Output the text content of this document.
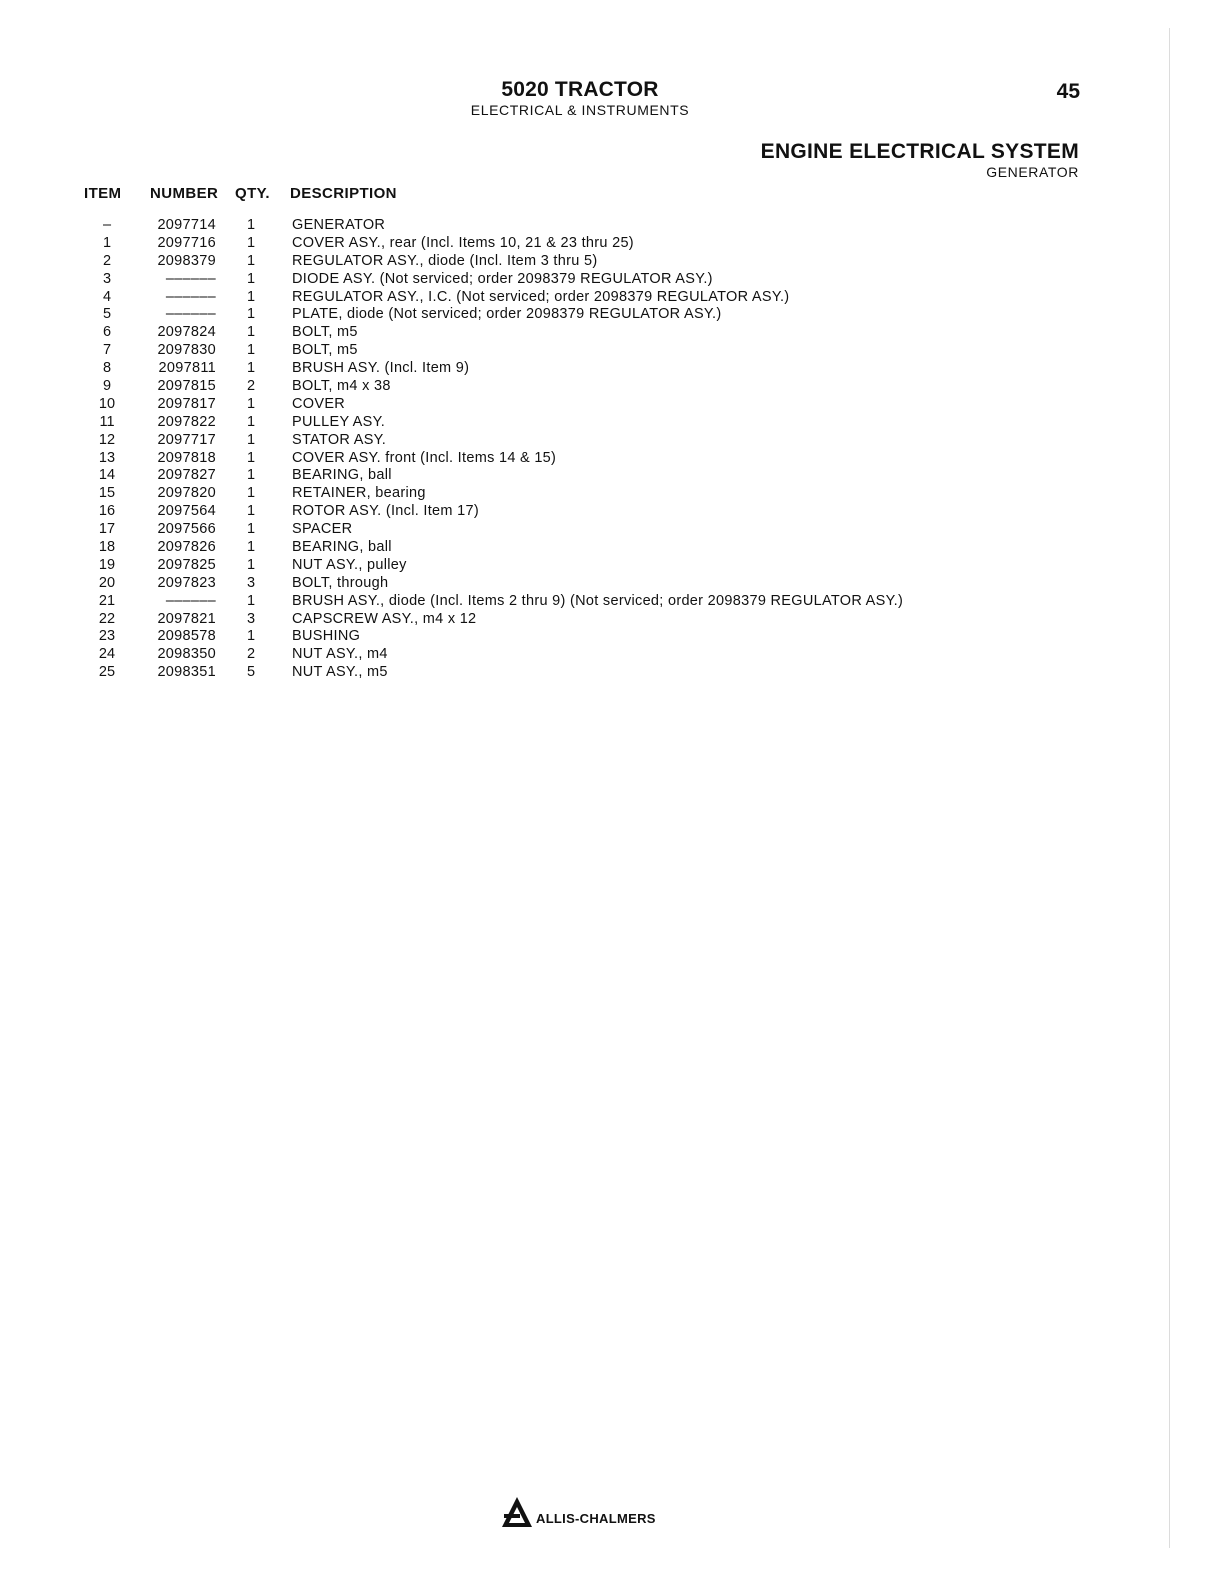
5020 TRACTOR
ELECTRICAL & INSTRUMENTS
45
ENGINE ELECTRICAL SYSTEM
GENERATOR
ITEM NUMBER QTY. DESCRIPTION
–	2097714	1	GENERATOR
1	2097716	1	COVER ASY., rear (Incl. Items 10, 21 & 23 thru 25)
2	2098379	1	REGULATOR ASY., diode (Incl. Item 3 thru 5)
3	––––––	1	DIODE ASY. (Not serviced; order 2098379 REGULATOR ASY.)
4	––––––	1	REGULATOR ASY., I.C. (Not serviced; order 2098379 REGULATOR ASY.)
5	––––––	1	PLATE, diode (Not serviced; order 2098379 REGULATOR ASY.)
6	2097824	1	BOLT, m5
7	2097830	1	BOLT, m5
8	2097811	1	BRUSH ASY. (Incl. Item 9)
9	2097815	2	BOLT, m4 x 38
10	2097817	1	COVER
11	2097822	1	PULLEY ASY.
12	2097717	1	STATOR ASY.
13	2097818	1	COVER ASY. front (Incl. Items 14 & 15)
14	2097827	1	BEARING, ball
15	2097820	1	RETAINER, bearing
16	2097564	1	ROTOR ASY. (Incl. Item 17)
17	2097566	1	SPACER
18	2097826	1	BEARING, ball
19	2097825	1	NUT ASY., pulley
20	2097823	3	BOLT, through
21	––––––	1	BRUSH ASY., diode (Incl. Items 2 thru 9) (Not serviced; order 2098379 REGULATOR ASY.)
22	2097821	3	CAPSCREW ASY., m4 x 12
23	2098578	1	BUSHING
24	2098350	2	NUT ASY., m4
25	2098351	5	NUT ASY., m5
ALLIS-CHALMERS
